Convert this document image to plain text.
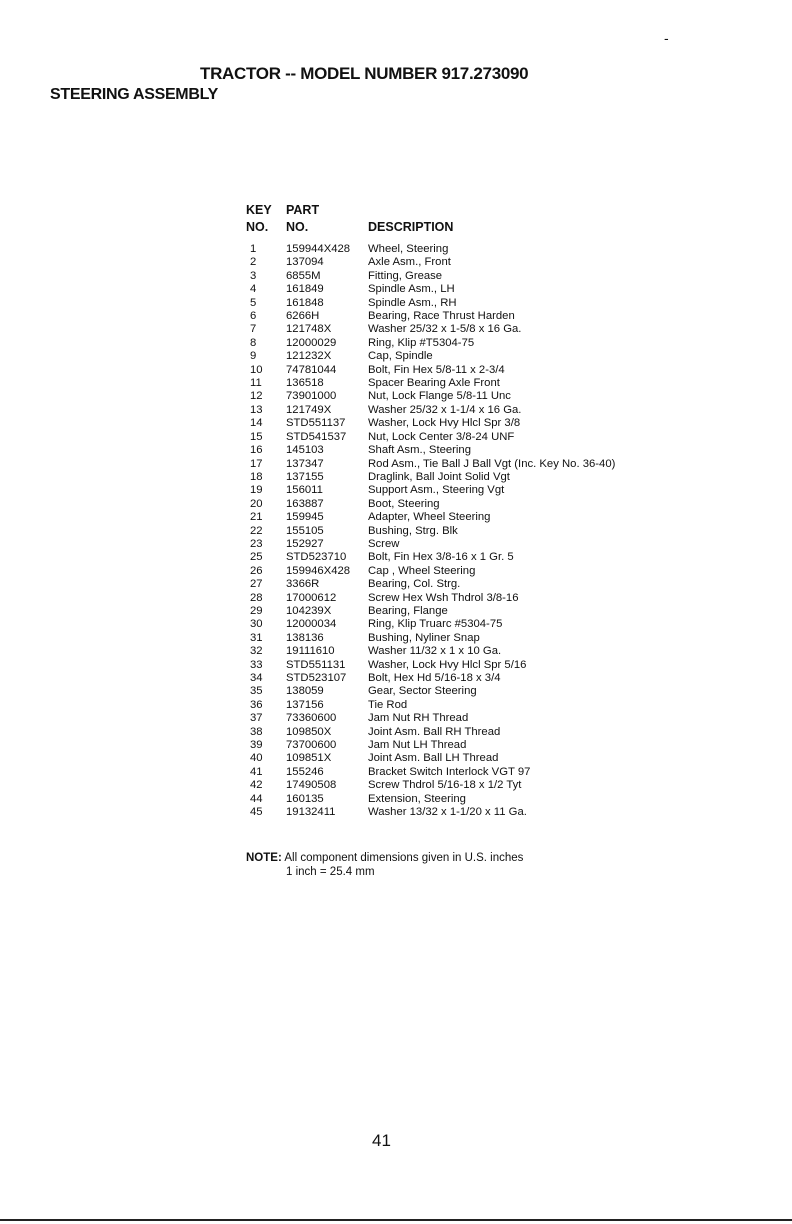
-
TRACTOR -- MODEL NUMBER 917.273090
STEERING ASSEMBLY
KEY PART
NO. NO.	DESCRIPTION
1	159944X428 Wheel, Steering
2	137094	Axle Asm., Front
3	6855M	Fitting, Grease
4	161849	Spindle Asm., LH
5	161848	Spindle Asm., RH
6	6266H	Bearing, Race Thrust Harden
7	121748X	Washer 25/32 x 1-5/8 x 16 Ga.
8	12000029	Ring, Klip #T5304-75
9	121232X	Cap, Spindle
10 74781044	Bolt, Fin Hex 5/8-11 x 2-3/4
11 136518	Spacer Bearing Axle Front
12 73901000	Nut, Lock Flange 5/8-11 Unc
13 121749X	Washer 25/32 x 1-1/4 x 16 Ga.
14 STD551137 Washer, Lock Hvy Hlcl Spr 3/8
15 STD541537 Nut, Lock Center 3/8-24 UNF
16 145103	Shaft Asm., Steering
17 137347	Rod Asm., Tie Ball J Ball Vgt (Inc. Key No. 36-40)
18 137155	Draglink, Ball Joint Solid Vgt
19 156011	Support Asm., Steering Vgt
20 163887	Boot, Steering
21 159945	Adapter, Wheel Steering
22 155105	Bushing, Strg. Blk
23 152927	Screw
25 STD523710 Bolt, Fin Hex 3/8-16 x 1 Gr. 5
26 159946X428 Cap , Wheel Steering
27 3366R	Bearing, Col. Strg.
28 17000612	Screw Hex Wsh Thdrol 3/8-16
29 104239X	Bearing, Flange
30 12000034	Ring, Klip Truarc #5304-75
31 138136	Bushing, Nyliner Snap
32 19111610	Washer 11/32 x 1 x 10 Ga.
33 STD551131 Washer, Lock Hvy Hlcl Spr 5/16
34 STD523107 Bolt, Hex Hd 5/16-18 x 3/4
35 138059	Gear, Sector Steering
36 137156	Tie Rod
37 73360600	Jam Nut RH Thread
38 109850X	Joint Asm. Ball RH Thread
39 73700600	Jam Nut LH Thread
40 109851X	Joint Asm. Ball LH Thread
41 155246	Bracket Switch Interlock VGT 97
42 17490508	Screw Thdrol 5/16-18 x 1/2 Tyt
44 160135	Extension, Steering
45 19132411	Washer 13/32 x 1-1/20 x 11 Ga.
NOTE: All component dimensions given in U.S. inches
1 inch = 25.4 mm
41
